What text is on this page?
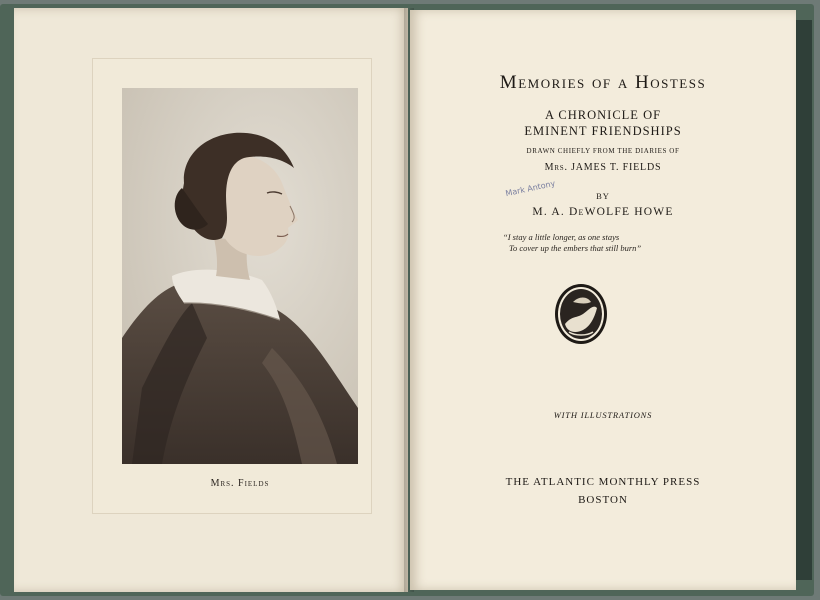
Mrs. Fields
Memories of a Hostess
A CHRONICLE OF
EMINENT FRIENDSHIPS
DRAWN CHIEFLY FROM THE DIARIES OF
Mrs. JAMES T. FIELDS
BY
M. A. DeWOLFE HOWE
WITH ILLUSTRATIONS
THE ATLANTIC MONTHLY PRESS
BOSTON
Mark Antony
“I stay a little longer, as one stays
To cover up the embers that still burn”
